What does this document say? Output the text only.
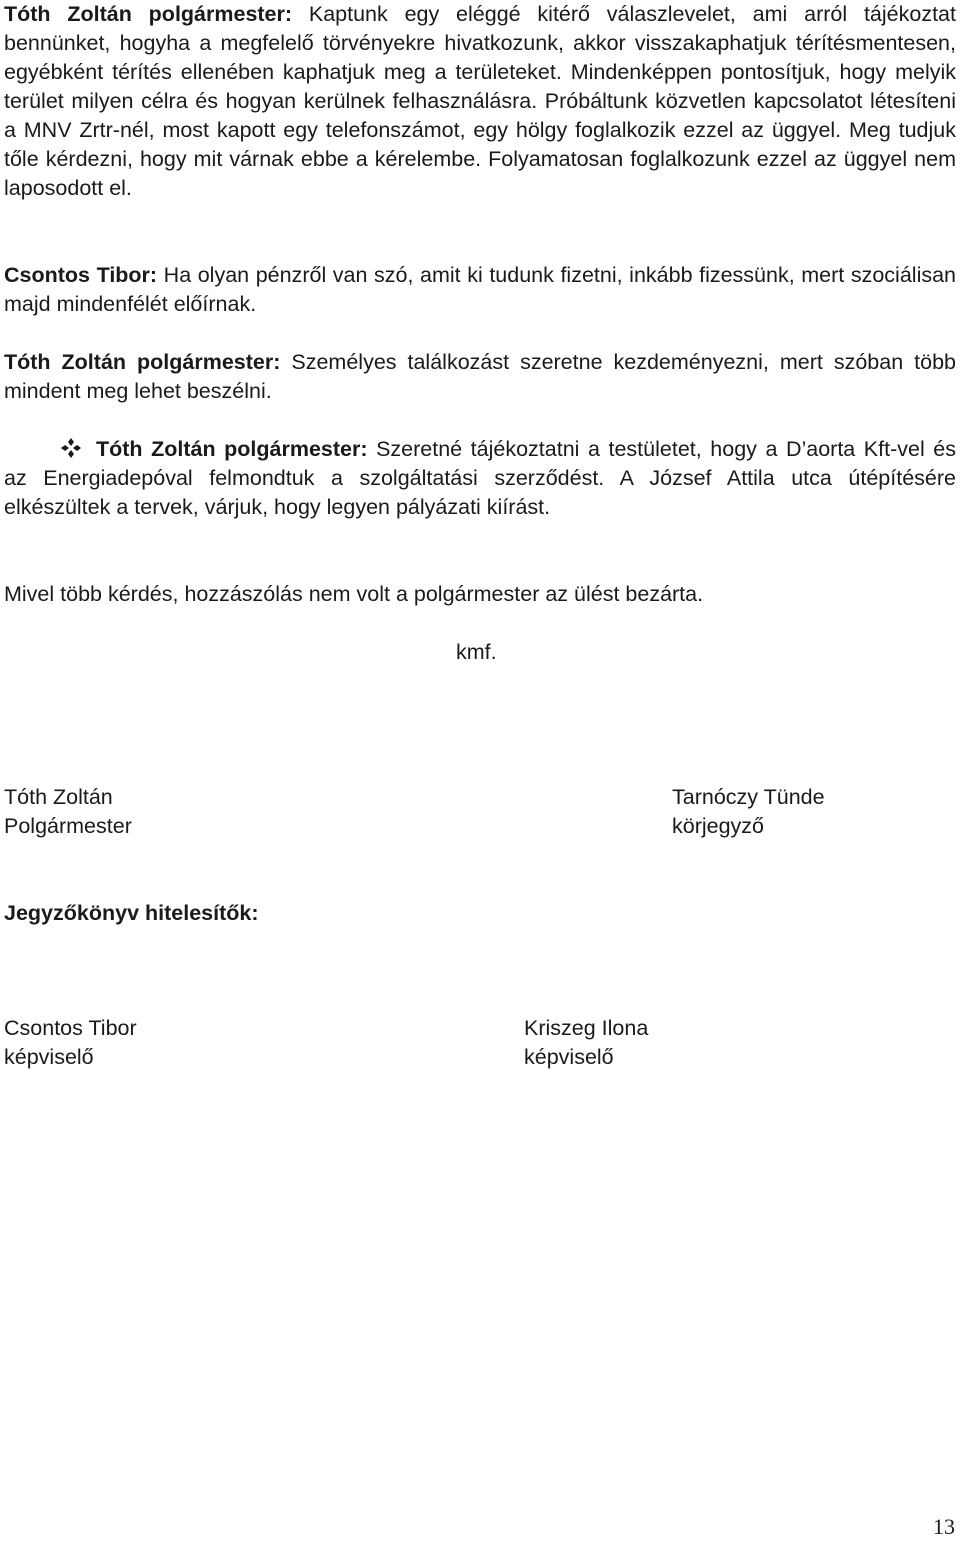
Tóth Zoltán polgármester: Kaptunk egy eléggé kitérő válaszlevelet, ami arról tájékoztat bennünket, hogyha a megfelelő törvényekre hivatkozunk, akkor visszakaphatjuk térítésmentesen, egyébként térítés ellenében kaphatjuk meg a területeket. Mindenképpen pontosítjuk, hogy melyik terület milyen célra és hogyan kerülnek felhasználásra. Próbáltunk közvetlen kapcsolatot létesíteni a MNV Zrtr-nél, most kapott egy telefonszámot, egy hölgy foglalkozik ezzel az üggyel. Meg tudjuk tőle kérdezni, hogy mit várnak ebbe a kérelembe. Folyamatosan foglalkozunk ezzel az üggyel nem laposodott el.

Csontos Tibor: Ha olyan pénzről van szó, amit ki tudunk fizetni, inkább fizessünk, mert szociálisan majd mindenfélét előírnak.

Tóth Zoltán polgármester: Személyes találkozást szeretne kezdeményezni, mert szóban több mindent meg lehet beszélni.

Tóth Zoltán polgármester: Szeretné tájékoztatni a testületet, hogy a D’aorta Kft-vel és az Energiadepóval felmondtuk a szolgáltatási szerződést. A József Attila utca útépítésére elkészültek a tervek, várjuk, hogy legyen pályázati kiírást.

Mivel több kérdés, hozzászólás nem volt a polgármester az ülést bezárta.

kmf.

Tóth Zoltán
Polgármester
Tarnóczy Tünde
körjegyző

Jegyzőkönyv hitelesítők:

Csontos Tibor
képviselő
Kriszeg Ilona
képviselő
13
